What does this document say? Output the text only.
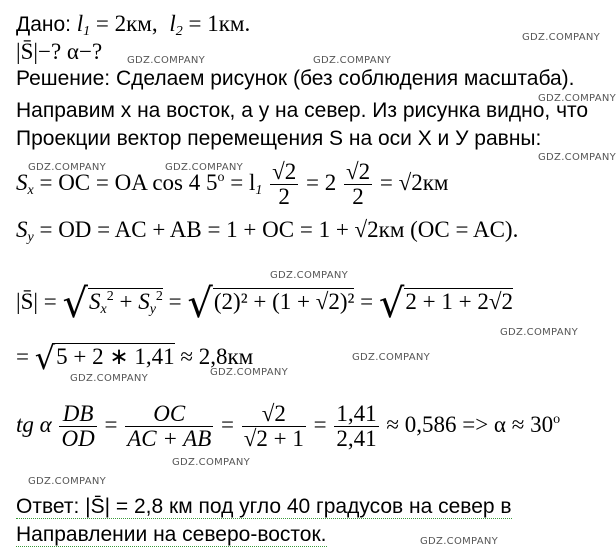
Дано: $l_1 = 2км$, $l_2 = 1км$.
|S̄|−? α−?
Решение: Сделаем рисунок (без соблюдения масштаба).
Направим x на восток, а y на север. Из рисунка видно, что
Проекции вектор перемещения S на оси Х и У равны:
$S_x$ = OC = OA cos 4 $5^o = l_1 \frac{√2}{2} = 2 \frac{√2}{2} = √2км$
$S_y$ = OD = AC + AB = 1 + OC = 1 + √2км (OC = AC).
|S̄| = $√S_x^2 + S_y^2 = √(2)^2 + (1 + √2)^2 = √2 + 1 + 2√2$
= √5 + 2 ∗ 1,41 ≈ 2,8км
tg α $\frac{DB}{OD} = \frac{OC}{AC + AB} = \frac{√2}{√2 + 1} = \frac{1,41}{2,41} \approx 0,586 => \alpha \approx 30^o$
Ответ: |S̄| = 2,8 км под угло 40 градусов на север в
Направлении на северо-восток.
GDZ.COMPANY
GDZ.COMPANY	GDZ.COMPANY
GDZ.COMPANY
GDZ.COMPANY
GDZ.COMPANY	GDZ.COMPANY
GDZ.COMPANY
GDZ.COMPANY
GDZ.COMPANY
GDZ.COMPANY
GDZ.COMPANY
GDZ.COMPANY
GDZ.COMPANY
GDZ.COMPANY
